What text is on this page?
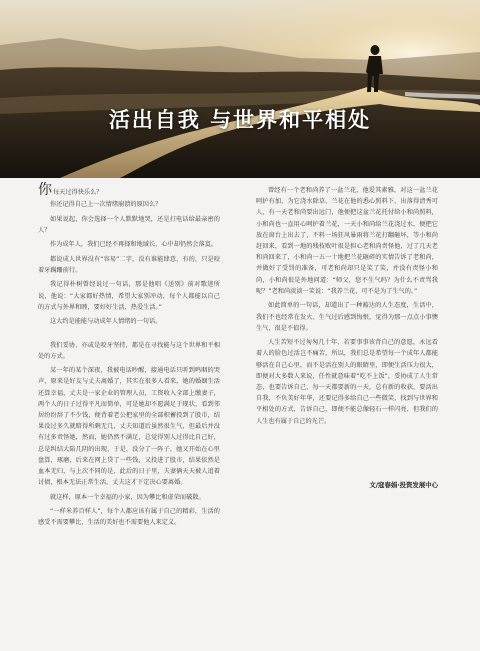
活出自我 与世界和平相处
你 每天过得快乐么？

你还记得自己上一次情绪崩溃的原因么？

如果说起，你会选择一个人默默地哭，还是打电话给最亲密的人？

作为成年人，我们已经不再择和地域长，心中却仍然会落寞。

都说成人世界没有“容易”二字，没有谁能肆意，有的，只是咬着牙蹒跚前行。

我记得朴树曾经说过一句话，那是他唱《送别》前对歌迷所说，他说：“大家都好热情，希望大家别冲动，每个人都能以自己的方式与外界和睦，要好好生活，热爱生活。”

这大约是能能与动成年人情绪的一句话。

我们妥协、亦或是咬牙坚持，都是在寻找能与这个世界和平相处的方式。

某一年的某个深夜，我被电话吵醒，接通电话只听到鸣咽的哭声，原来是好友与丈夫离婚了，其实在很多人看来，她的婚姻生活还算幸福，丈夫是一家企业的管理人员，工资收入全部上缴妻子，两个人的日子过得平凡而简单，可是她却不愿满足于现状，看到邻居纷纷辞了不少钱，便背着老公把家里的全部积蓄投到了股市，结果没过多久就赔得所剩无几，丈夫知道后虽然很生气，但最后并没有过多责怪她，然而，她仍然不满足，总觉得别人过得比自己好，总是纠结大陷几阴的出现，于是，没分了一阵子，她又开始在心里盘算，琢磨，后来在网上贷了一些钱，又投进了股市，结果依然是血本无归，与上次不同的是，此后的日子里，夫妻俩天天被人追着讨债，根本无法正常生活，丈夫这才下定决心要离婚。

就这样，原本一个幸福的小家，因为攀比和虚荣而破散。

“一样米养百样人”，每个人都应该有属于自己的精彩，生活的感受不需要攀比，生活的美好也不需要他人来定义。

曾经有一个老和尚养了一盆兰花，他爱其素雅，对这一盆兰花呵护有加，为它浇水除草，兰花在他的悉心照料下，出落得清秀可人，有一天老和尚要出远门，他便把这盆兰花托付给小和尚照料，小和尚也一直用心呵护着兰花，一天小和尚给兰花浇过水，便把它放在窗台上出去了，不料一场狂风暴雨将兰花打翻砸坏，等小和尚赶回来，看到一地的残枝败叶很是担心老和尚责怪他，过了几天老和尚回来了，小和尚一五一十地把兰花砸碎的实情告诉了老和尚，并做好了受罚的准备，可老和尚却只是笑了笑，并没有责怪小和尚，小和尚很是外地问道：“师父，您不生气吗？为什么不责骂我呢？”老和尚淡淡一笑说：“我养兰花，可不是为了生气的。”

如此简单的一句话，却道出了一种豁达的人生态度，生活中，我们不也经常在发火、生气过后感到悔恨，觉得为那一点点小事懊生气，很是不值得。

人生苦短不过匆匆几十年，若要事事该背自己的意愿，永远看着人的脸色过活岂不痛苦，所以，我们总是希望每一个成年人都能够活在自己心里，而不是活在别人的眼睛里，即便生活压力很大，即便对大多数人来说，任性就意味着“吃不上饭”，妥协成了人生常态，也要告诉自己，每一天都要新的一天，总有新的收获，要活出自我，不负美好年华，还要记得多给自己一些微笑，找到与世界和平相处的方式，告诉自己，即便不能总像轻石一样闪亮，但我们的人生也有属于自己的光芒。

文/寇春娟·投资发展中心
